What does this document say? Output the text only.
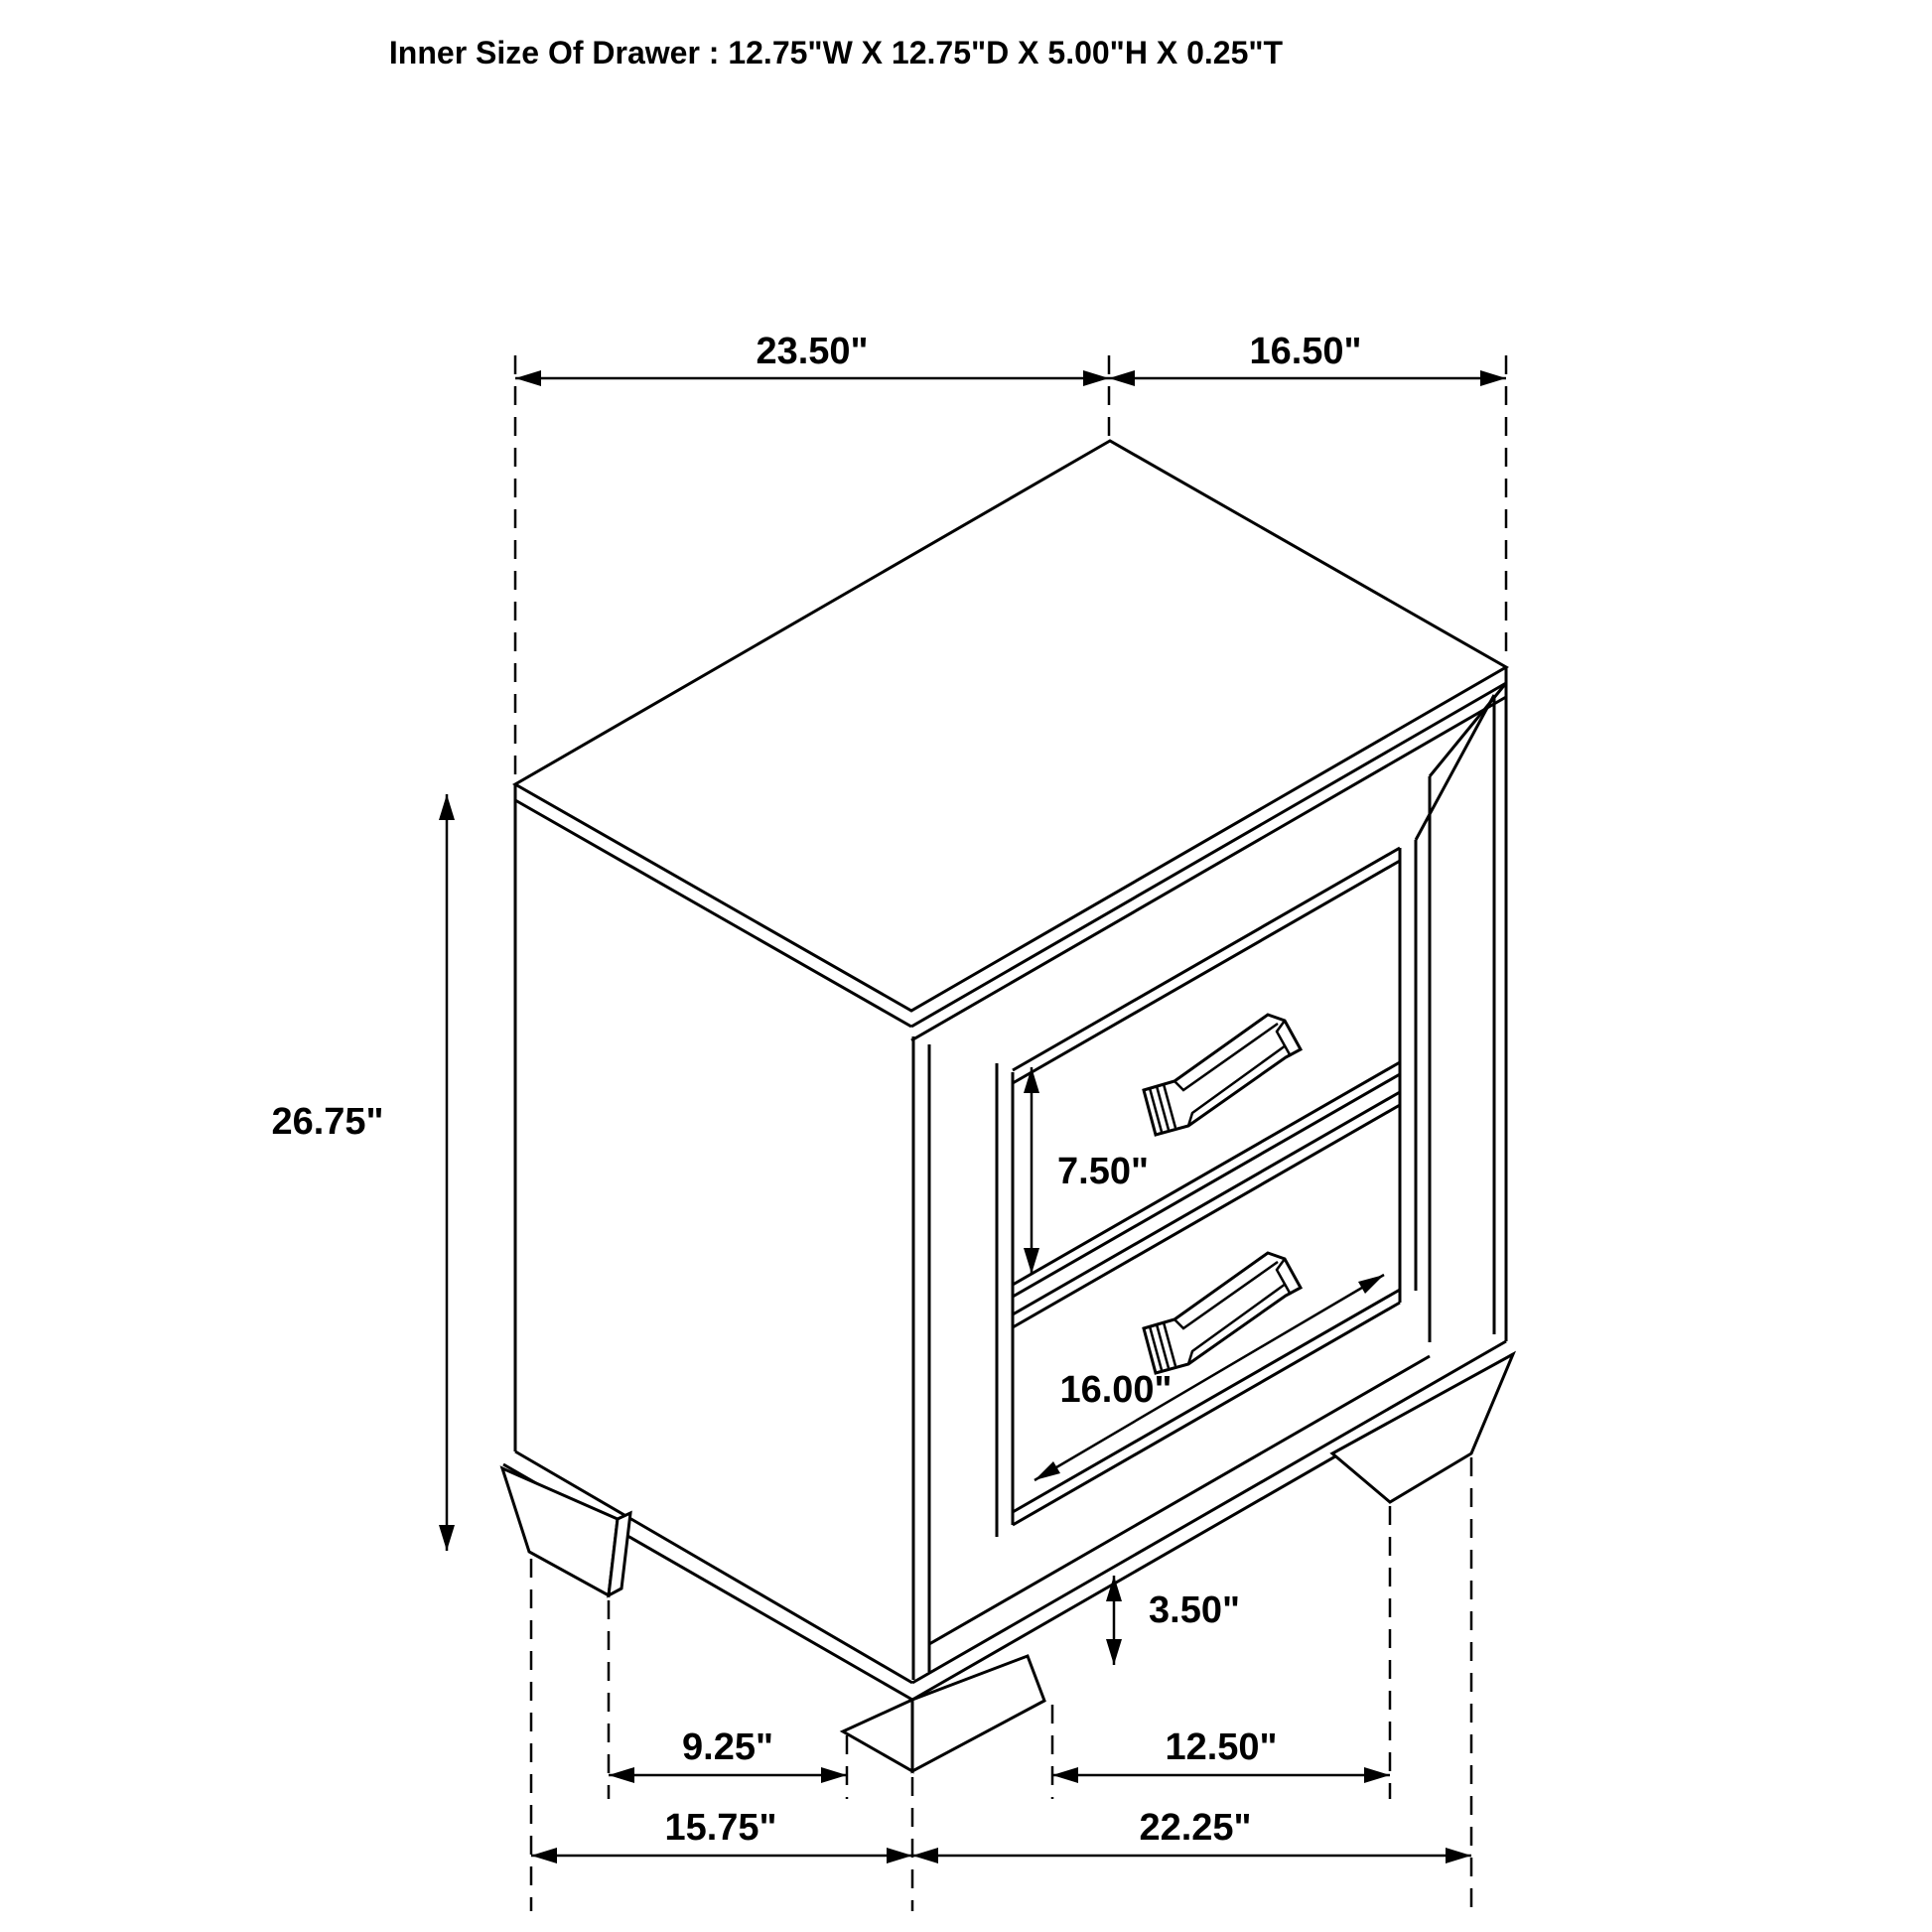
Inner Size Of Drawer : 12.75"W X 12.75"D X 5.00"H X 0.25"T
23.50"	16.50"
26.75"
7.50"
16.00"
3.50"
9.25"	12.50"
15.75"	22.25"
